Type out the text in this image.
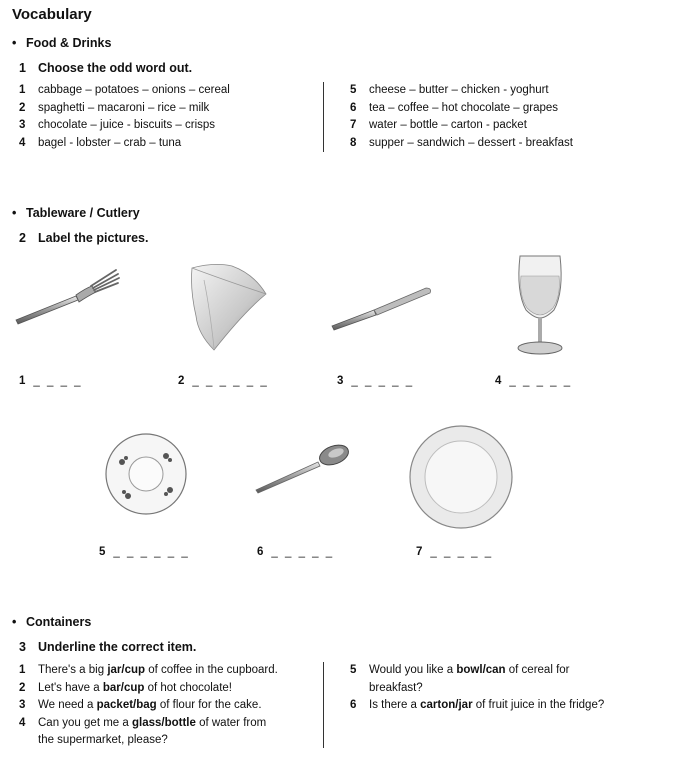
Vocabulary
• Food & Drinks
1 Choose the odd word out.
1 cabbage – potatoes – onions – cereal
2 spaghetti – macaroni – rice – milk
3 chocolate – juice - biscuits – crisps
4 bagel - lobster – crab – tuna
5 cheese – butter – chicken - yoghurt
6 tea – coffee – hot chocolate – grapes
7 water – bottle – carton - packet
8 supper – sandwich – dessert - breakfast
• Tableware / Cutlery
2 Label the pictures.
1 _ _ _ _	2 _ _ _ _ _ _	3 _ _ _ _ _	4 _ _ _ _ _
5 _ _ _ _ _ _	6 _ _ _ _ _	7 _ _ _ _ _
• Containers
3 Underline the correct item.
1 There's a big jar/cup of coffee in the cupboard.
2 Let's have a bar/cup of hot chocolate!
3 We need a packet/bag of flour for the cake.
4 Can you get me a glass/bottle of water from
the supermarket, please?
5 Would you like a bowl/can of cereal for
breakfast?
6 Is there a carton/jar of fruit juice in the fridge?
